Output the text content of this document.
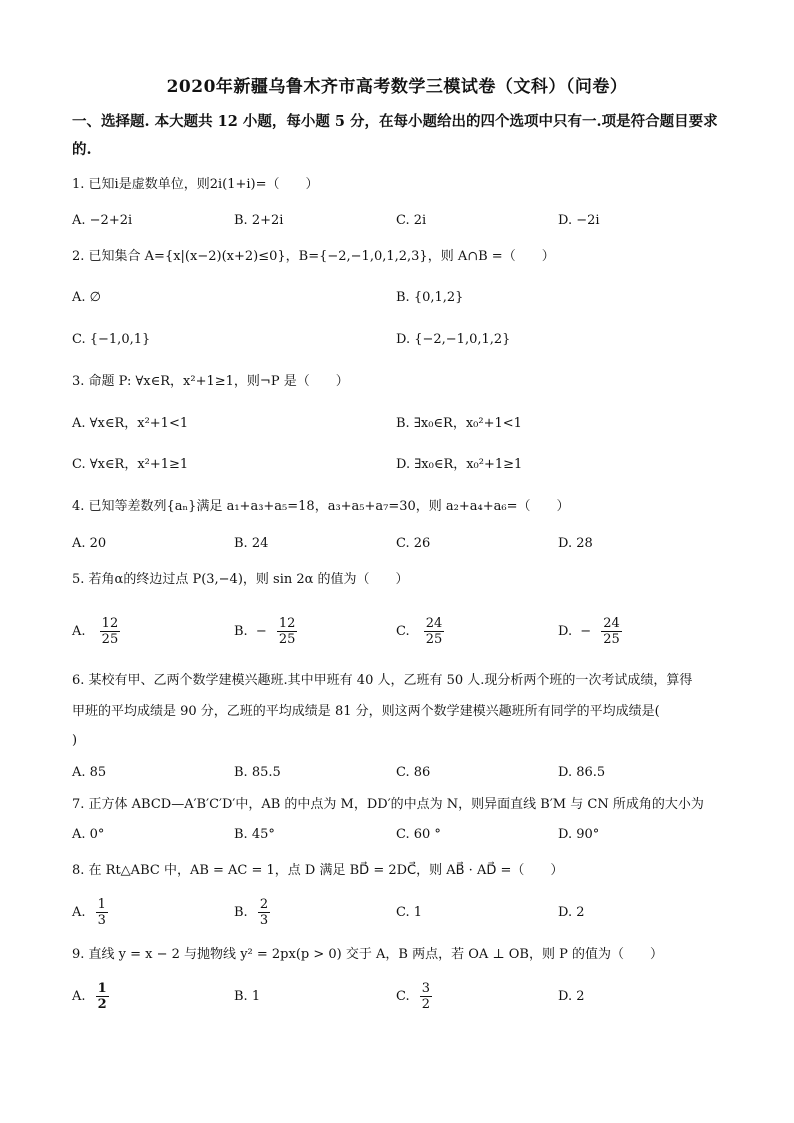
2020年新疆乌鲁木齐市高考数学三模试卷（文科）（问卷）
一、选择题. 本大题共 12 小题，每小题 5 分，在每小题给出的四个选项中只有一.项是符合题目要求的.
1. 已知i是虚数单位，则2i(1+i)=（　　）
A. −2+2i	B. 2+2i	C. 2i	D. −2i
2. 已知集合 A={x|(x−2)(x+2)≤0}，B={−2,−1,0,1,2,3}，则 A∩B =（　　）
A. ∅	B. {0,1,2}
C. {−1,0,1}	D. {−2,−1,0,1,2}
3. 命题 P: ∀x∈R，x²+1≥1，则¬P 是（　　）
A. ∀x∈R，x²+1<1	B. ∃x₀∈R，x₀²+1<1
C. ∀x∈R，x²+1≥1	D. ∃x₀∈R，x₀²+1≥1
4. 已知等差数列{aₙ}满足 a₁+a₃+a₅=18，a₃+a₅+a₇=30，则 a₂+a₄+a₆=（　　）
A. 20	B. 24	C. 26	D. 28
5. 若角α的终边过点 P(3,−4)，则 sin 2α 的值为（　　）
A. $\frac{12}{25}$	B. − $\frac{12}{25}$	C. $\frac{24}{25}$	D. − $\frac{24}{25}$
6. 某校有甲、乙两个数学建模兴趣班.其中甲班有 40 人，乙班有 50 人.现分析两个班的一次考试成绩，算得
甲班的平均成绩是 90 分，乙班的平均成绩是 81 分，则这两个数学建模兴趣班所有同学的平均成绩是(
)
A. 85	B. 85.5	C. 86	D. 86.5
7. 正方体 ABCD—A′B′C′D′中，AB 的中点为 M，DD′的中点为 N，则异面直线 B′M 与 CN 所成角的大小为
A. 0°	B. 45°	C. 60 °	D. 90°
8. 在 Rt△ABC 中，AB = AC = 1，点 D 满足 BD⃗ = 2DC⃗，则 AB⃗ · AD⃗ =（　　）
A. $\frac{1}{3}$	B. $\frac{2}{3}$	C. 1	D. 2
9. 直线 y = x − 2 与抛物线 y² = 2px(p > 0) 交于 A，B 两点，若 OA ⊥ OB，则 P 的值为（　　）
A. $\frac{1}{2}$	B. 1	C. $\frac{3}{2}$	D. 2
